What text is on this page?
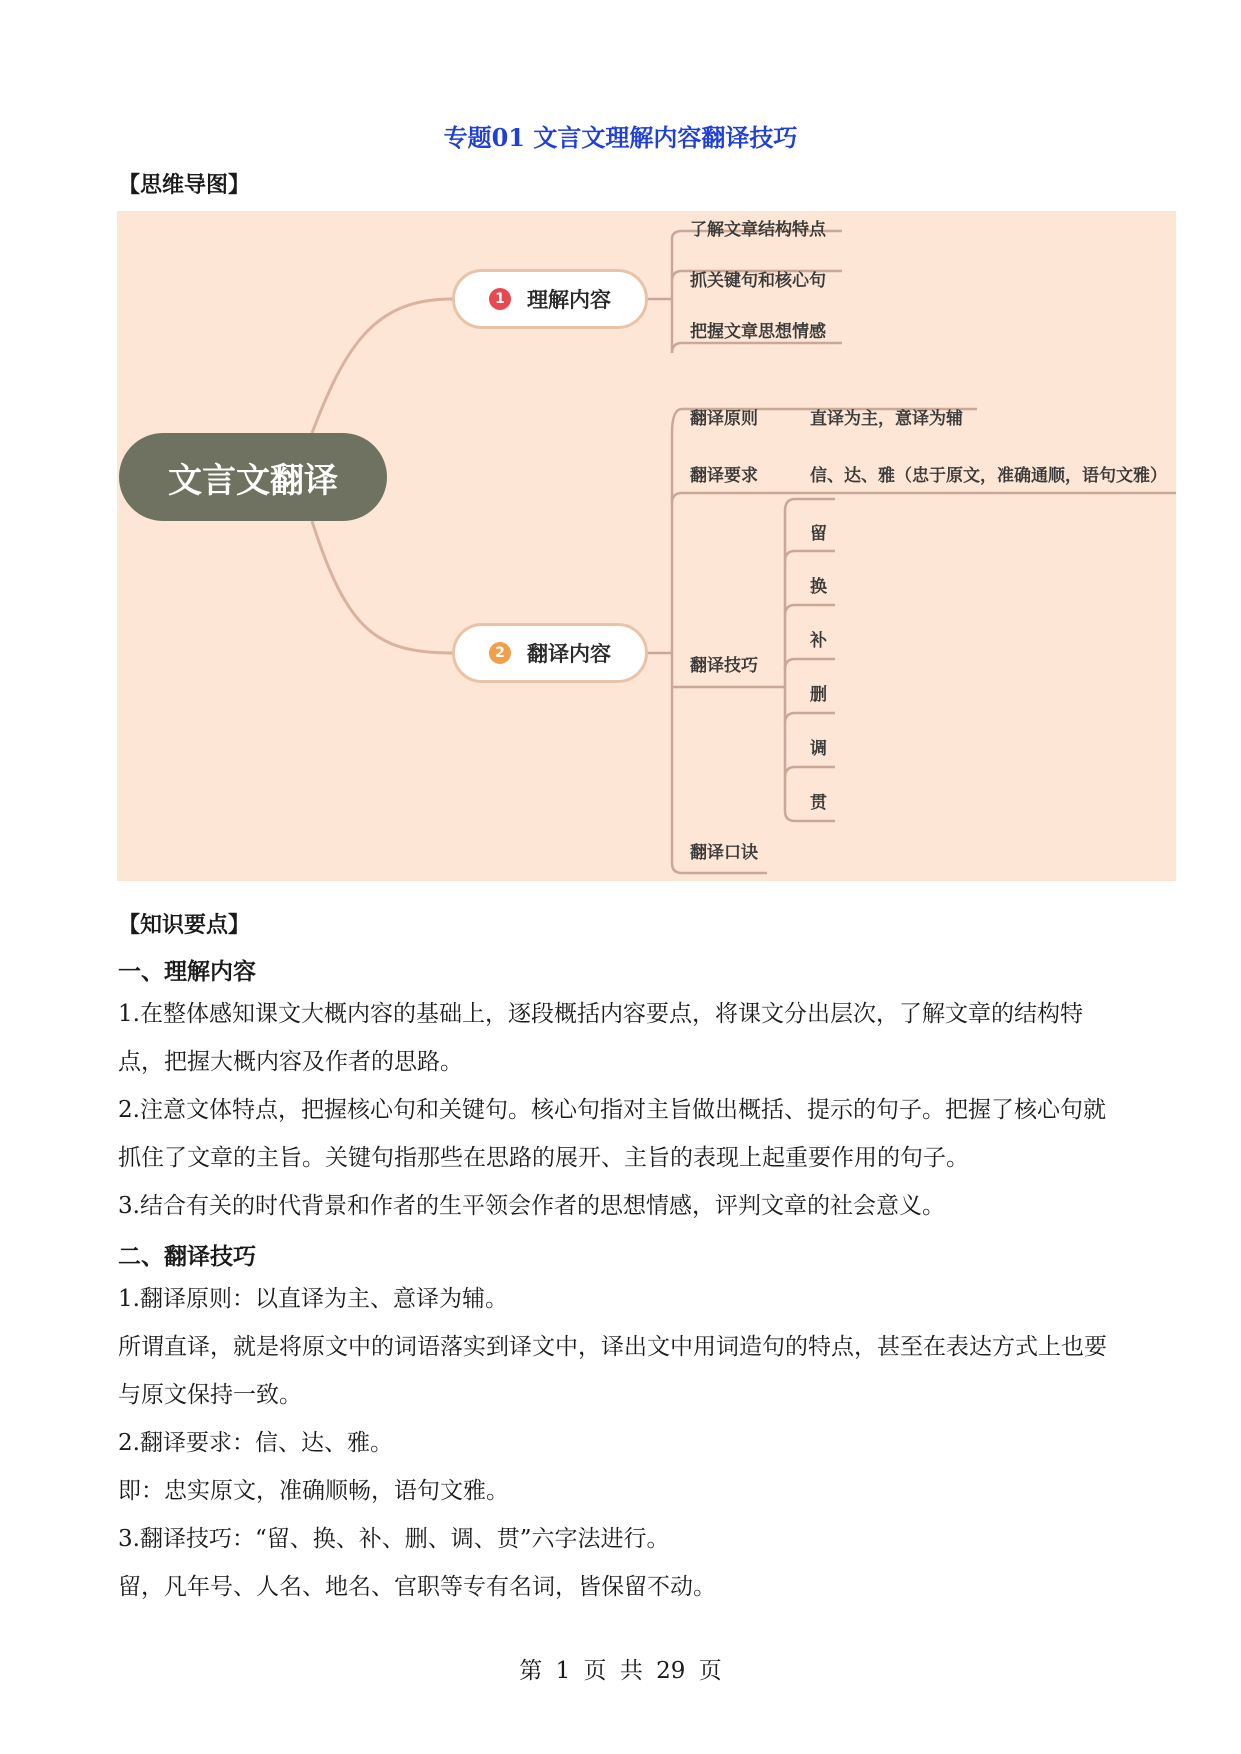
专题01 文言文理解内容翻译技巧
【思维导图】
文言文翻译
1 理解内容
2 翻译内容
了解文章结构特点
抓关键句和核心句
把握文章思想情感
翻译原则	直译为主，意译为辅
翻译要求	信、达、雅（忠于原文，准确通顺，语句文雅）
翻译技巧
翻译口诀
留
换
补
删
调
贯
【知识要点】
一、理解内容
1.在整体感知课文大概内容的基础上，逐段概括内容要点，将课文分出层次，了解文章的结构特点，把握大概内容及作者的思路。
2.注意文体特点，把握核心句和关键句。核心句指对主旨做出概括、提示的句子。把握了核心句就抓住了文章的主旨。关键句指那些在思路的展开、主旨的表现上起重要作用的句子。
3.结合有关的时代背景和作者的生平领会作者的思想情感，评判文章的社会意义。
二、翻译技巧
1.翻译原则：以直译为主、意译为辅。
所谓直译，就是将原文中的词语落实到译文中，译出文中用词造句的特点，甚至在表达方式上也要与原文保持一致。
2.翻译要求：信、达、雅。
即：忠实原文，准确顺畅，语句文雅。
3.翻译技巧：“留、换、补、删、调、贯”六字法进行。
留，凡年号、人名、地名、官职等专有名词，皆保留不动。
第 1 页 共 29 页
